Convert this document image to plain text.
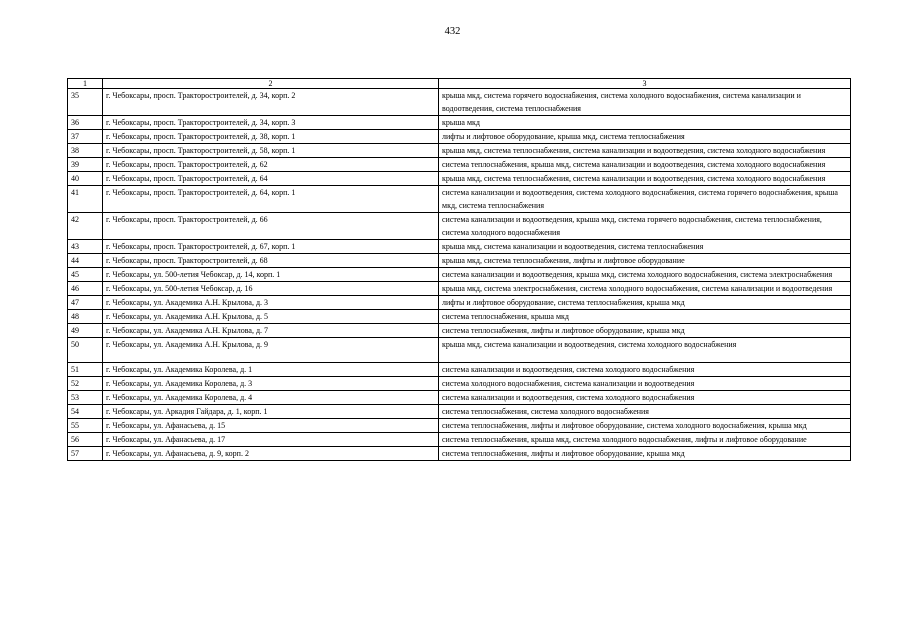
432
1	2	3
35	г. Чебоксары, просп. Тракторостроителей, д. 34, корп. 2	крыша мкд, система горячего водоснабжения, система холодного водоснабжения, система канализации и водоотведения, система теплоснабжения
36	г. Чебоксары, просп. Тракторостроителей, д. 34, корп. 3	крыша мкд
37	г. Чебоксары, просп. Тракторостроителей, д. 38, корп. 1	лифты и лифтовое оборудование, крыша мкд, система теплоснабжения
38	г. Чебоксары, просп. Тракторостроителей, д. 58, корп. 1	крыша мкд, система теплоснабжения, система канализации и водоотведения, система холодного водоснабжения
39	г. Чебоксары, просп. Тракторостроителей, д. 62	система теплоснабжения, крыша мкд, система канализации и водоотведения, система холодного водоснабжения
40	г. Чебоксары, просп. Тракторостроителей, д. 64	крыша мкд, система теплоснабжения, система канализации и водоотведения, система холодного водоснабжения
41	г. Чебоксары, просп. Тракторостроителей, д. 64, корп. 1	система канализации и водоотведения, система холодного водоснабжения, система горячего водоснабжения, крыша мкд, система теплоснабжения
42	г. Чебоксары, просп. Тракторостроителей, д. 66	система канализации и водоотведения, крыша мкд, система горячего водоснабжения, система теплоснабжения, система холодного водоснабжения
43	г. Чебоксары, просп. Тракторостроителей, д. 67, корп. 1	крыша мкд, система канализации и водоотведения, система теплоснабжения
44	г. Чебоксары, просп. Тракторостроителей, д. 68	крыша мкд, система теплоснабжения, лифты и лифтовое оборудование
45	г. Чебоксары, ул. 500-летия Чебоксар, д. 14, корп. 1	система канализации и водоотведения, крыша мкд, система холодного водоснабжения, система электроснабжения
46	г. Чебоксары, ул. 500-летия Чебоксар, д. 16	крыша мкд, система электроснабжения, система холодного водоснабжения, система канализации и водоотведения
47	г. Чебоксары, ул. Академика А.Н. Крылова, д. 3	лифты и лифтовое оборудование, система теплоснабжения, крыша мкд
48	г. Чебоксары, ул. Академика А.Н. Крылова, д. 5	система теплоснабжения, крыша мкд
49	г. Чебоксары, ул. Академика А.Н. Крылова, д. 7	система теплоснабжения, лифты и лифтовое оборудование, крыша мкд
50	г. Чебоксары, ул. Академика А.Н. Крылова, д. 9	крыша мкд, система канализации и водоотведения, система холодного водоснабжения
51	г. Чебоксары, ул. Академика Королева, д. 1	система канализации и водоотведения, система холодного водоснабжения
52	г. Чебоксары, ул. Академика Королева, д. 3	система холодного водоснабжения, система канализации и водоотведения
53	г. Чебоксары, ул. Академика Королева, д. 4	система канализации и водоотведения, система холодного водоснабжения
54	г. Чебоксары, ул. Аркадия Гайдара, д. 1, корп. 1	система теплоснабжения, система холодного водоснабжения
55	г. Чебоксары, ул. Афанасьева, д. 15	система теплоснабжения, лифты и лифтовое оборудование, система холодного водоснабжения, крыша мкд
56	г. Чебоксары, ул. Афанасьева, д. 17	система теплоснабжения, крыша мкд, система холодного водоснабжения, лифты и лифтовое оборудование
57	г. Чебоксары, ул. Афанасьева, д. 9, корп. 2	система теплоснабжения, лифты и лифтовое оборудование, крыша мкд
